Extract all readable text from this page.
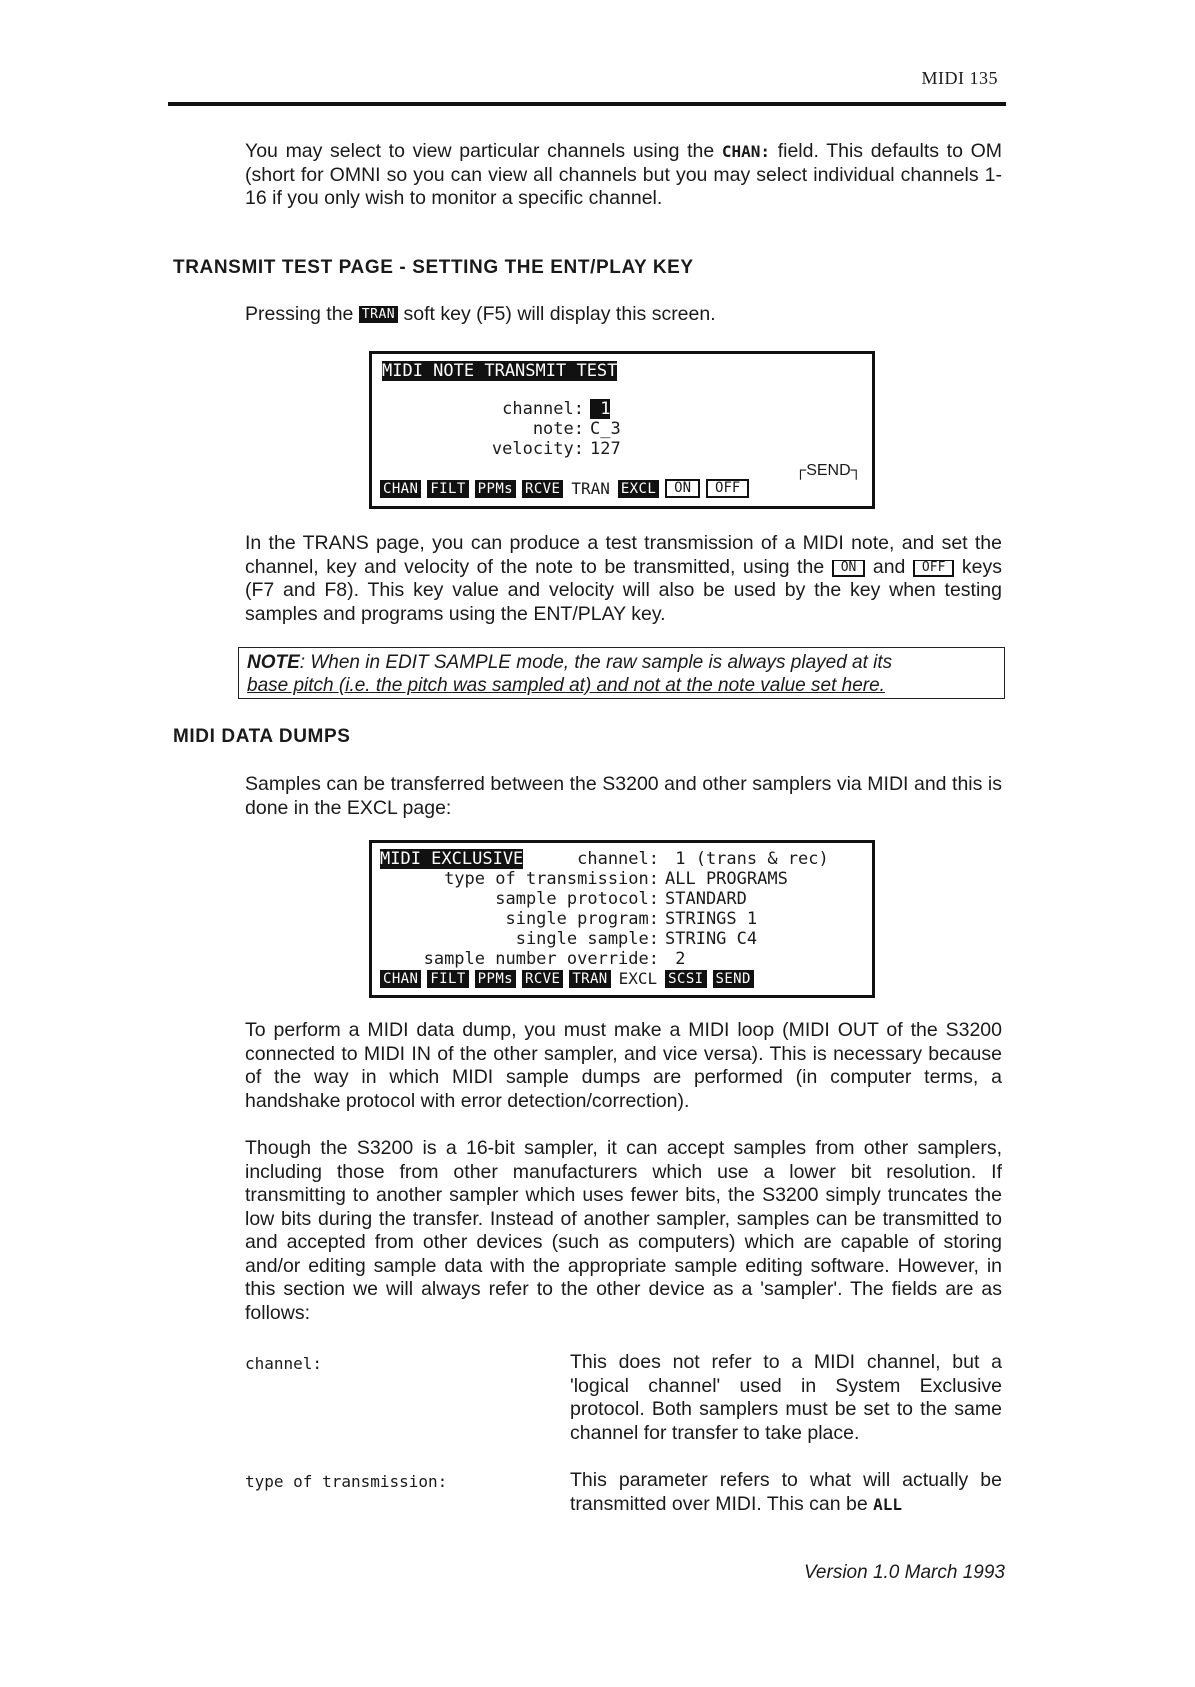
MIDI 135
You may select to view particular channels using the CHAN: field. This defaults to OM (short for OMNI so you can view all channels but you may select individual channels 1-16 if you only wish to monitor a specific channel.
TRANSMIT TEST PAGE - SETTING THE ENT/PLAY KEY
Pressing the TRAN soft key (F5) will display this screen.
MIDI NOTE TRANSMIT TEST
channel: 1
note: C_3
velocity: 127
┌SEND┐
CHAN FILT PPMs RCVE TRAN EXCL	ON	OFF
In the TRANS page, you can produce a test transmission of a MIDI note, and set the channel, key and velocity of the note to be transmitted, using the ON and OFF keys (F7 and F8). This key value and velocity will also be used by the key when testing samples and programs using the ENT/PLAY key.
NOTE: When in EDIT SAMPLE mode, the raw sample is always played at its
base pitch (i.e. the pitch was sampled at) and not at the note value set here.
MIDI DATA DUMPS
Samples can be transferred between the S3200 and other samplers via MIDI and this is done in the EXCL page:
MIDI EXCLUSIVE	channel: 1 (trans & rec)
type of transmission: ALL PROGRAMS
sample protocol: STANDARD
single program: STRINGS 1
single sample: STRING C4
sample number override: 2
CHAN FILT PPMs RCVE TRAN EXCL SCSI SEND
To perform a MIDI data dump, you must make a MIDI loop (MIDI OUT of the S3200 connected to MIDI IN of the other sampler, and vice versa). This is necessary because of the way in which MIDI sample dumps are performed (in computer terms, a handshake protocol with error detection/correction).
Though the S3200 is a 16-bit sampler, it can accept samples from other samplers, including those from other manufacturers which use a lower bit resolution. If transmitting to another sampler which uses fewer bits, the S3200 simply truncates the low bits during the transfer. Instead of another sampler, samples can be transmitted to and accepted from other devices (such as computers) which are capable of storing and/or editing sample data with the appropriate sample editing software. However, in this section we will always refer to the other device as a 'sampler'. The fields are as follows:
channel:	This does not refer to a MIDI channel, but a 'logical channel' used in System Exclusive protocol. Both samplers must be set to the same channel for transfer to take place.
type of transmission:	This parameter refers to what will actually be transmitted over MIDI. This can be ALL
Version 1.0 March 1993
